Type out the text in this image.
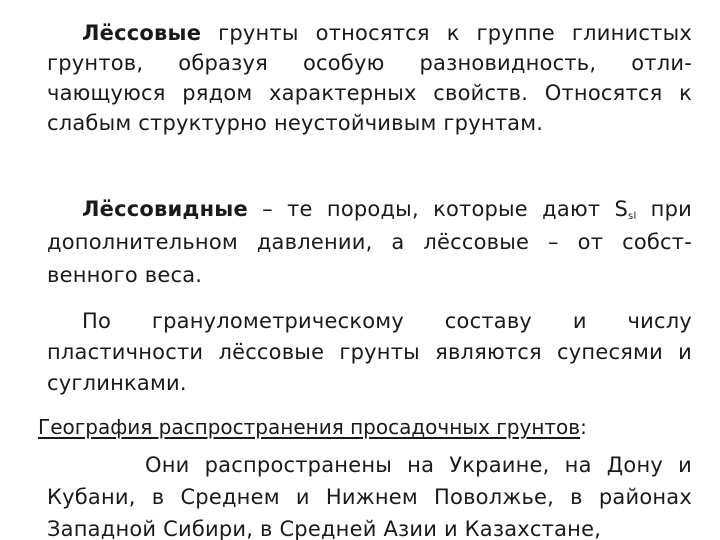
Лёссовые грунты относятся к группе глинистых грунтов, образуя особую разновидность, отли-чающуюся рядом характерных свойств. Относятся к слабым структурно неустойчивым грунтам.

Лёссовидные – те породы, которые дают $S_{sl}$ при дополнительном давлении, а лёссовые – от собст-венного веса.

По гранулометрическому составу и числу пластичности лёссовые грунты являются супесями и суглинками.

География распространения просадочных грунтов:

Они распространены на Украине, на Дону и Кубани, в Среднем и Нижнем Поволжье, в районах Западной Сибири, в Средней Азии и Казахстане,
